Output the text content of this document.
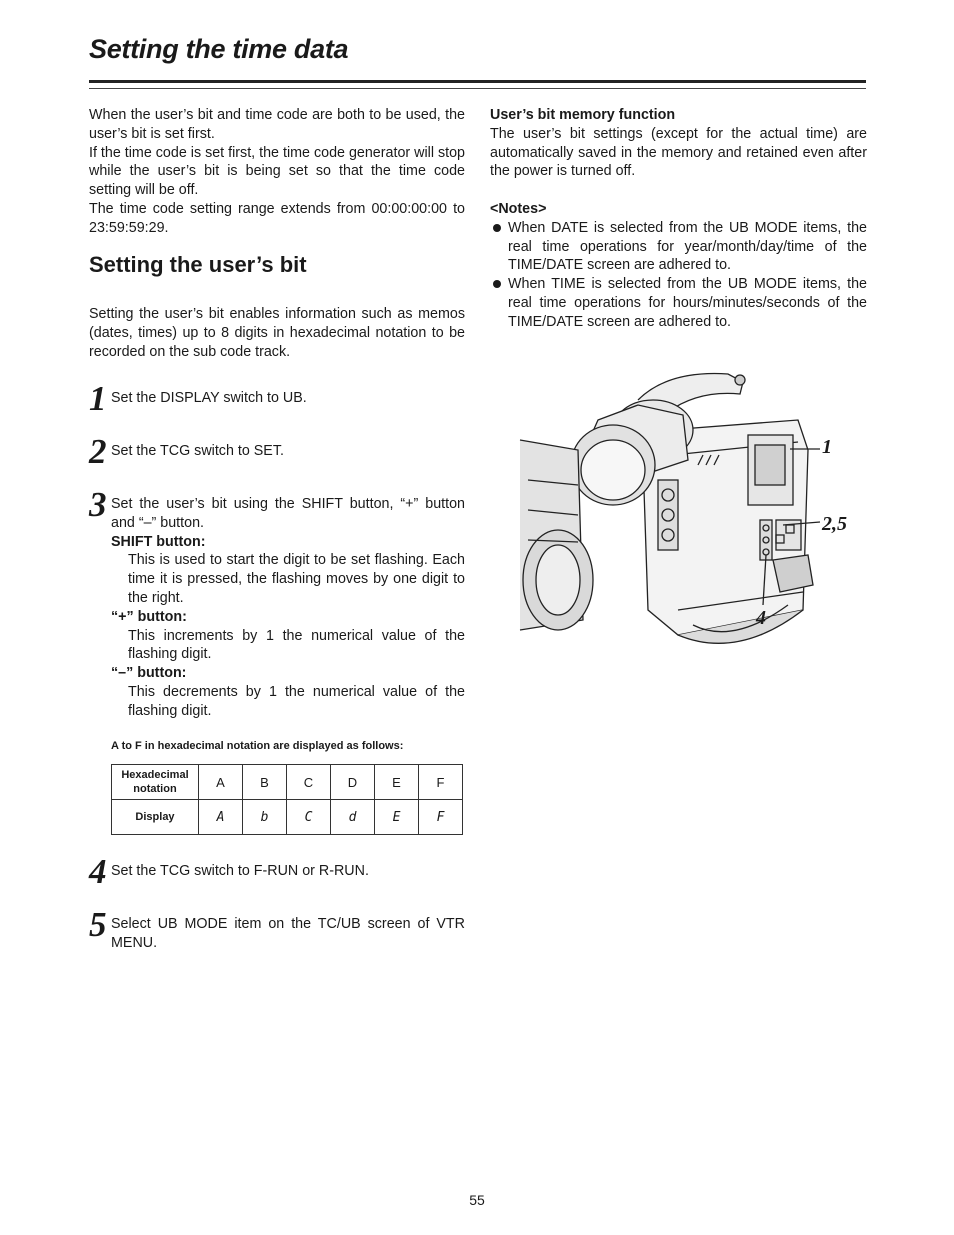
Setting the time data

When the user’s bit and time code are both to be used, the user’s bit is set first.

If the time code is set first, the time code generator will stop while the user’s bit is being set so that the time code setting will be off.

The time code setting range extends from 00:00:00:00 to 23:59:59:29.

Setting the user’s bit

Setting the user’s bit enables information such as memos (dates, times) up to 8 digits in hexadecimal notation to be recorded on the sub code track.

1 Set the DISPLAY switch to UB.
2 Set the TCG switch to SET.
3 Set the user’s bit using the SHIFT button, “+” button and “–” button.
SHIFT button:
This is used to start the digit to be set flashing. Each time it is pressed, the flashing moves by one digit to the right.
“+” button:
This increments by 1 the numerical value of the flashing digit.
“–” button:
This decrements by 1 the numerical value of the flashing digit.
A to F in hexadecimal notation are displayed as follows:
Hexadecimal notation	A	B	C	D	E	F
Display	A	b	C	d	E	F
4 Set the TCG switch to F-RUN or R-RUN.
5 Select UB MODE item on the TC/UB screen of VTR MENU.
User’s bit memory function

The user’s bit settings (except for the actual time) are automatically saved in the memory and retained even after the power is turned off.

<Notes>
When DATE is selected from the UB MODE items, the real time operations for year/month/day/time of the TIME/DATE screen are adhered to.
When TIME is selected from the UB MODE items, the real time operations for hours/minutes/seconds of the TIME/DATE screen are adhered to.
1
2,5
4
55
